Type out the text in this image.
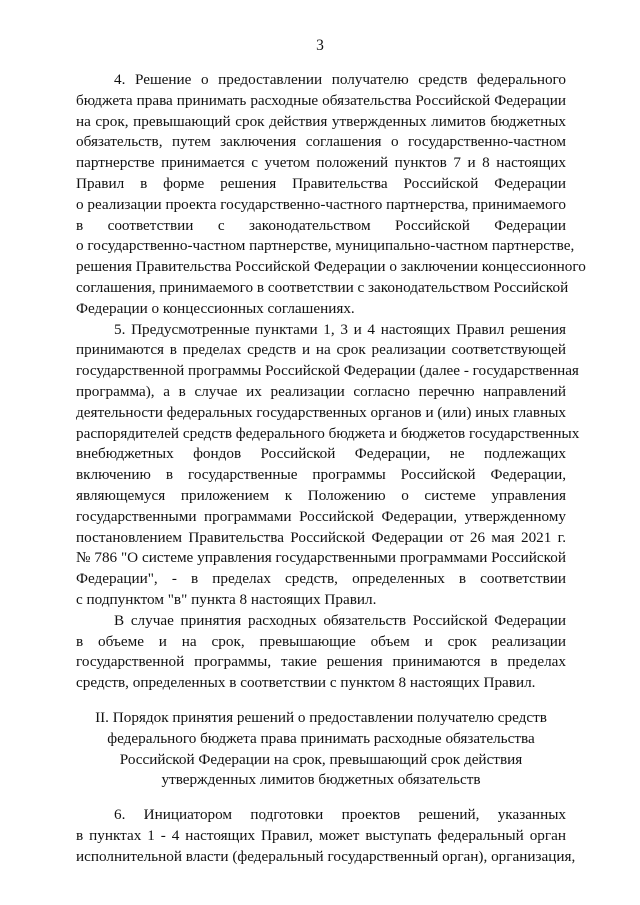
3
4. Решение о предоставлении получателю средств федерального
бюджета права принимать расходные обязательства Российской Федерации
на срок, превышающий срок действия утвержденных лимитов бюджетных
обязательств, путем заключения соглашения о государственно-частном
партнерстве принимается с учетом положений пунктов 7 и 8 настоящих
Правил в форме решения Правительства Российской Федерации
о реализации проекта государственно-частного партнерства, принимаемого
в соответствии с законодательством Российской Федерации
о государственно-частном партнерстве, муниципально-частном партнерстве,
решения Правительства Российской Федерации о заключении концессионного
соглашения, принимаемого в соответствии с законодательством Российской
Федерации о концессионных соглашениях.
5. Предусмотренные пунктами 1, 3 и 4 настоящих Правил решения
принимаются в пределах средств и на срок реализации соответствующей
государственной программы Российской Федерации (далее - государственная
программа), а в случае их реализации согласно перечню направлений
деятельности федеральных государственных органов и (или) иных главных
распорядителей средств федерального бюджета и бюджетов государственных
внебюджетных фондов Российской Федерации, не подлежащих
включению в государственные программы Российской Федерации,
являющемуся приложением к Положению о системе управления
государственными программами Российской Федерации, утвержденному
постановлением Правительства Российской Федерации от 26 мая 2021 г.
№ 786 "О системе управления государственными программами Российской
Федерации", - в пределах средств, определенных в соответствии
с подпунктом "в" пункта 8 настоящих Правил.
В случае принятия расходных обязательств Российской Федерации
в объеме и на срок, превышающие объем и срок реализации
государственной программы, такие решения принимаются в пределах
средств, определенных в соответствии с пунктом 8 настоящих Правил.
II. Порядок принятия решений о предоставлении получателю средств
федерального бюджета права принимать расходные обязательства
Российской Федерации на срок, превышающий срок действия
утвержденных лимитов бюджетных обязательств
6. Инициатором подготовки проектов решений, указанных
в пунктах 1 - 4 настоящих Правил, может выступать федеральный орган
исполнительной власти (федеральный государственный орган), организация,
